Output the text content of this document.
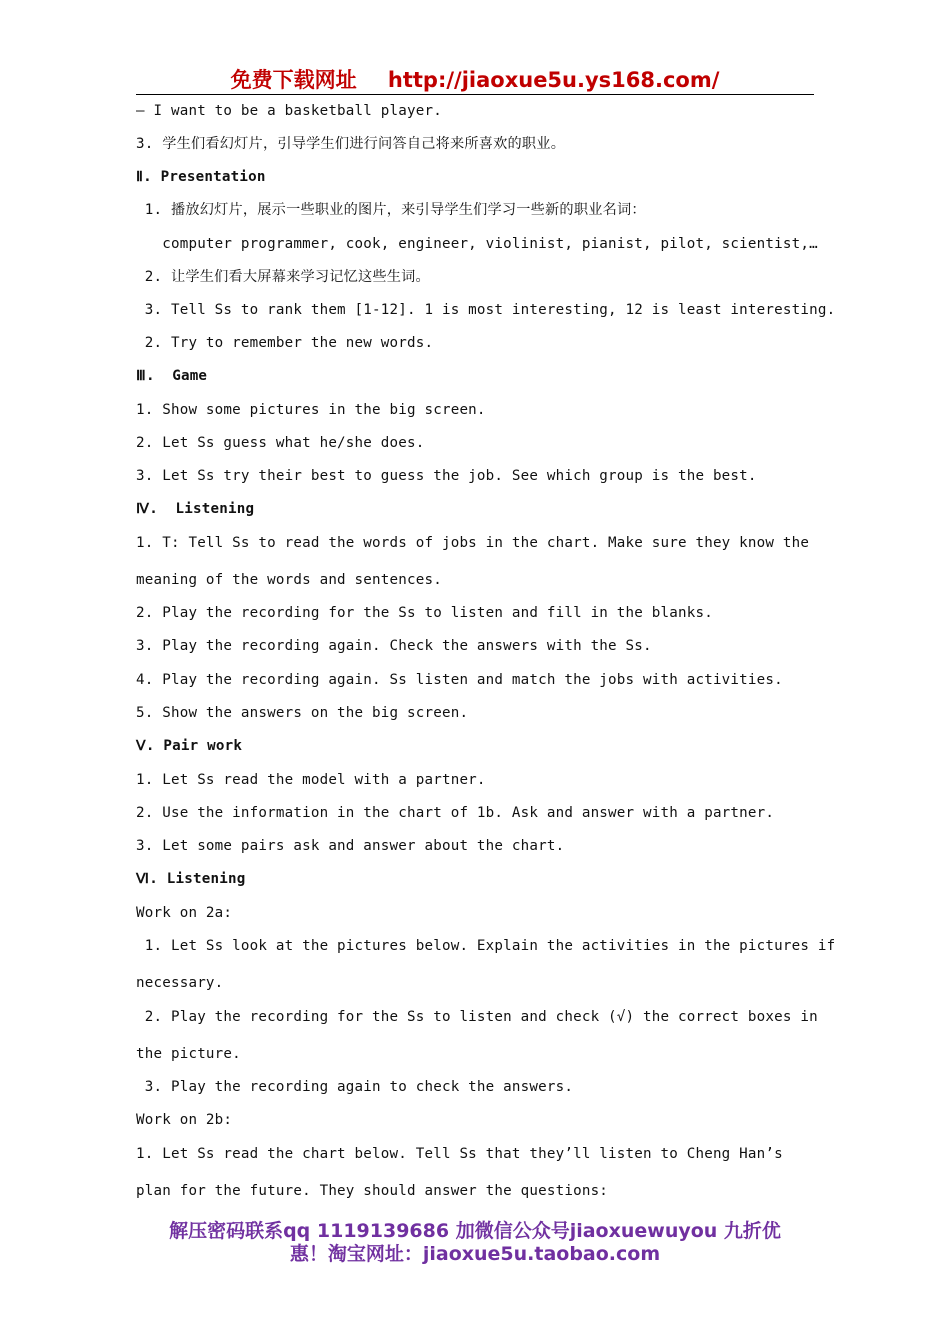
免费下载网址 http://jiaoxue5u.ys168.com/
— I want to be a basketball player.
3. 学生们看幻灯片，引导学生们进行问答自己将来所喜欢的职业。
Ⅱ. Presentation
1. 播放幻灯片，展示一些职业的图片，来引导学生们学习一些新的职业名词：
computer programmer, cook, engineer, violinist, pianist, pilot, scientist,…
2. 让学生们看大屏幕来学习记忆这些生词。
3. Tell Ss to rank them [1-12]. 1 is most interesting, 12 is least interesting.
2. Try to remember the new words.
Ⅲ.  Game
1. Show some pictures in the big screen.
2. Let Ss guess what he/she does.
3. Let Ss try their best to guess the job. See which group is the best.
Ⅳ.  Listening
1. T: Tell Ss to read the words of jobs in the chart. Make sure they know the
meaning of the words and sentences.
2. Play the recording for the Ss to listen and fill in the blanks.
3. Play the recording again. Check the answers with the Ss.
4. Play the recording again. Ss listen and match the jobs with activities.
5. Show the answers on the big screen.
Ⅴ. Pair work
1. Let Ss read the model with a partner.
2. Use the information in the chart of 1b. Ask and answer with a partner.
3. Let some pairs ask and answer about the chart.
Ⅵ. Listening
Work on 2a:
1. Let Ss look at the pictures below. Explain the activities in the pictures if
necessary.
2. Play the recording for the Ss to listen and check (√) the correct boxes in
the picture.
3. Play the recording again to check the answers.
Work on 2b:
1. Let Ss read the chart below. Tell Ss that they’ll listen to Cheng Han’s
plan for the future. They should answer the questions:
解压密码联系qq 1119139686 加微信公众号jiaoxuewuyou 九折优
惠！淘宝网址：jiaoxue5u.taobao.com
